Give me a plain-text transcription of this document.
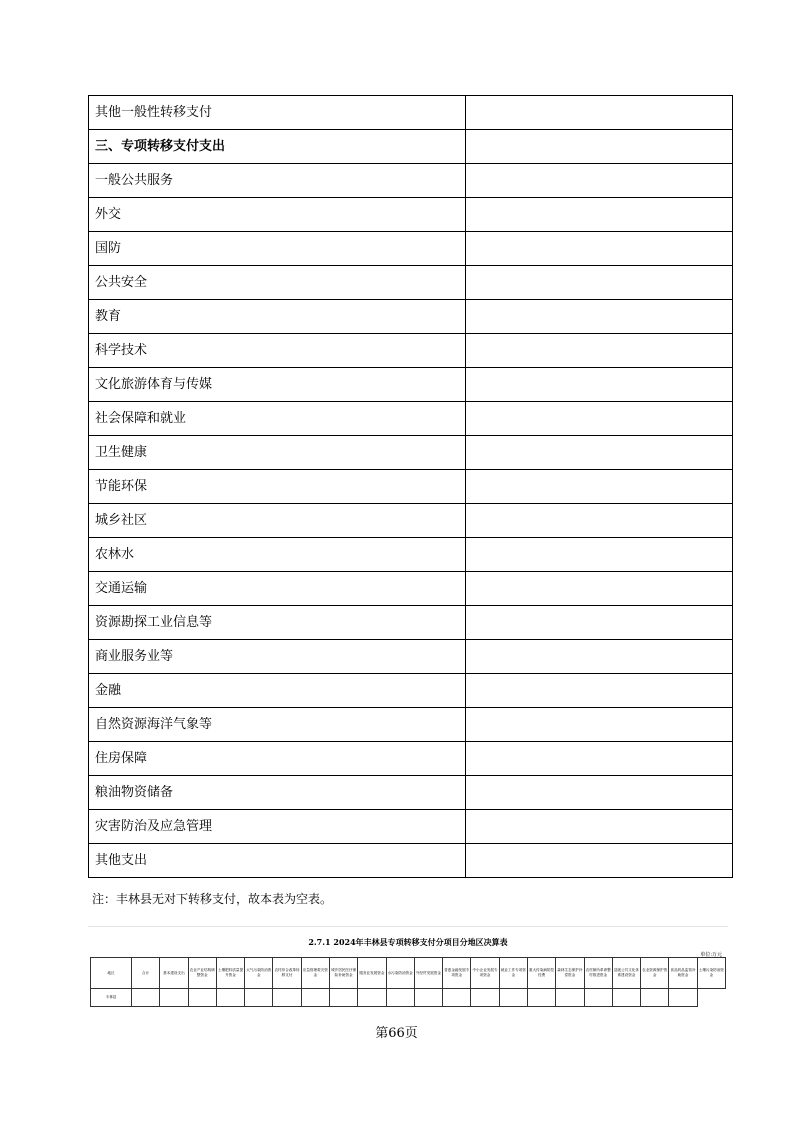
其他一般性转移支付	
三、专项转移支付支出	
一般公共服务	
外交	
国防	
公共安全	
教育	
科学技术	
文化旅游体育与传媒	
社会保障和就业	
卫生健康	
节能环保	
城乡社区	
农林水	
交通运输	
资源勘探工业信息等	
商业服务业等	
金融	
自然资源海洋气象等	
住房保障	
粮油物资储备	
灾害防治及应急管理	
其他支出	
注：丰林县无对下转移支付，故本表为空表。
2.7.1 2024年丰林县专项转移支付分项目分地区决算表
单位:万元
地区	合计	基本建设支出	农业产业结构调整资金	土壤肥料质量提升资金	大气污染防治资金	农村综合改革转移支付	应急管理救灾资金	城乡居民医疗保险补助资金	服务业发展资金	水污染防治资金	外经贸发展资金	普惠金融发展专项资金	中小企业发展专项资金	就业工作专项资金	重大传染病防控经费	森林生态保护补偿资金	农村厕所革命整村推进资金	县级公共文化体系建设资金	农业资源保护资金	食品药品监管补助资金	土壤污染防治资金
丰林县																					
第66页
